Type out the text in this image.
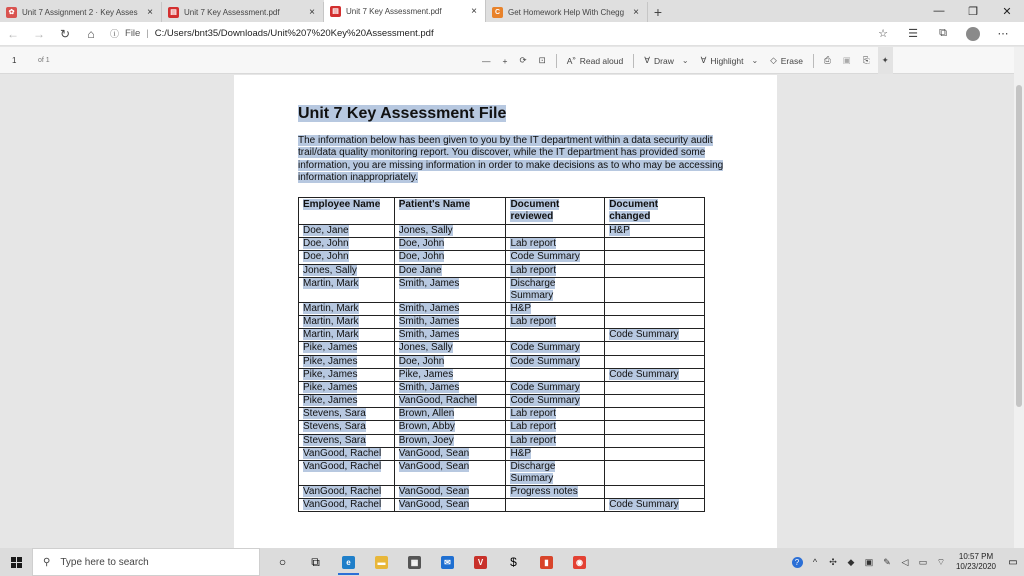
✿ Unit 7 Assignment 2 · Key Asses ×	▤ Unit 7 Key Assessment.pdf	×	▤ Unit 7 Key Assessment.pdf	×	C Get Homework Help With Chegg ×	+	—	❐	✕
← → ↻ ⌂ ⓘ File | C:/Users/bnt35/Downloads/Unit%207%20Key%20Assessment.pdf	☆ ☰ ⧉	⋯
1	of 1	—	+	⟳ ⊡ A» Read aloud ∀ Draw ⌄ ∀ Highlight ⌄ ◇ Erase ⎙ ▣ ⎘ ✦
Unit 7 Key Assessment File
The information below has been given to you by the IT department within a data security audit trail/data quality monitoring report. You discover, while the IT department has provided some information, you are missing information in order to make decisions as to who may be accessing information inappropriately.
Employee Name	Patient's Name	Document reviewed	Document changed
Doe, Jane	Jones, Sally		H&P
Doe, John	Doe, John	Lab report	
Doe, John	Doe, John	Code Summary	
Jones, Sally	Doe Jane	Lab report	
Martin, Mark	Smith, James	Discharge Summary	
Martin, Mark	Smith, James	H&P	
Martin, Mark	Smith, James	Lab report	
Martin, Mark	Smith, James		Code Summary
Pike, James	Jones, Sally	Code Summary	
Pike, James	Doe, John	Code Summary	
Pike, James	Pike, James		Code Summary
Pike, James	Smith, James	Code Summary	
Pike, James	VanGood, Rachel	Code Summary	
Stevens, Sara	Brown, Allen	Lab report	
Stevens, Sara	Brown, Abby	Lab report	
Stevens, Sara	Brown, Joey	Lab report	
VanGood, Rachel	VanGood, Sean	H&P	
VanGood, Rachel	VanGood, Sean	Discharge Summary	
VanGood, Rachel	VanGood, Sean	Progress notes	
VanGood, Rachel	VanGood, Sean		Code Summary
⚲ Type here to search	○ ⧉	e	▬	▦	✉	V	$	▮	◉	?	^	✣	◆	▣	✎	◁	▭	⌔	10:57 PM
10/23/2020	▭
